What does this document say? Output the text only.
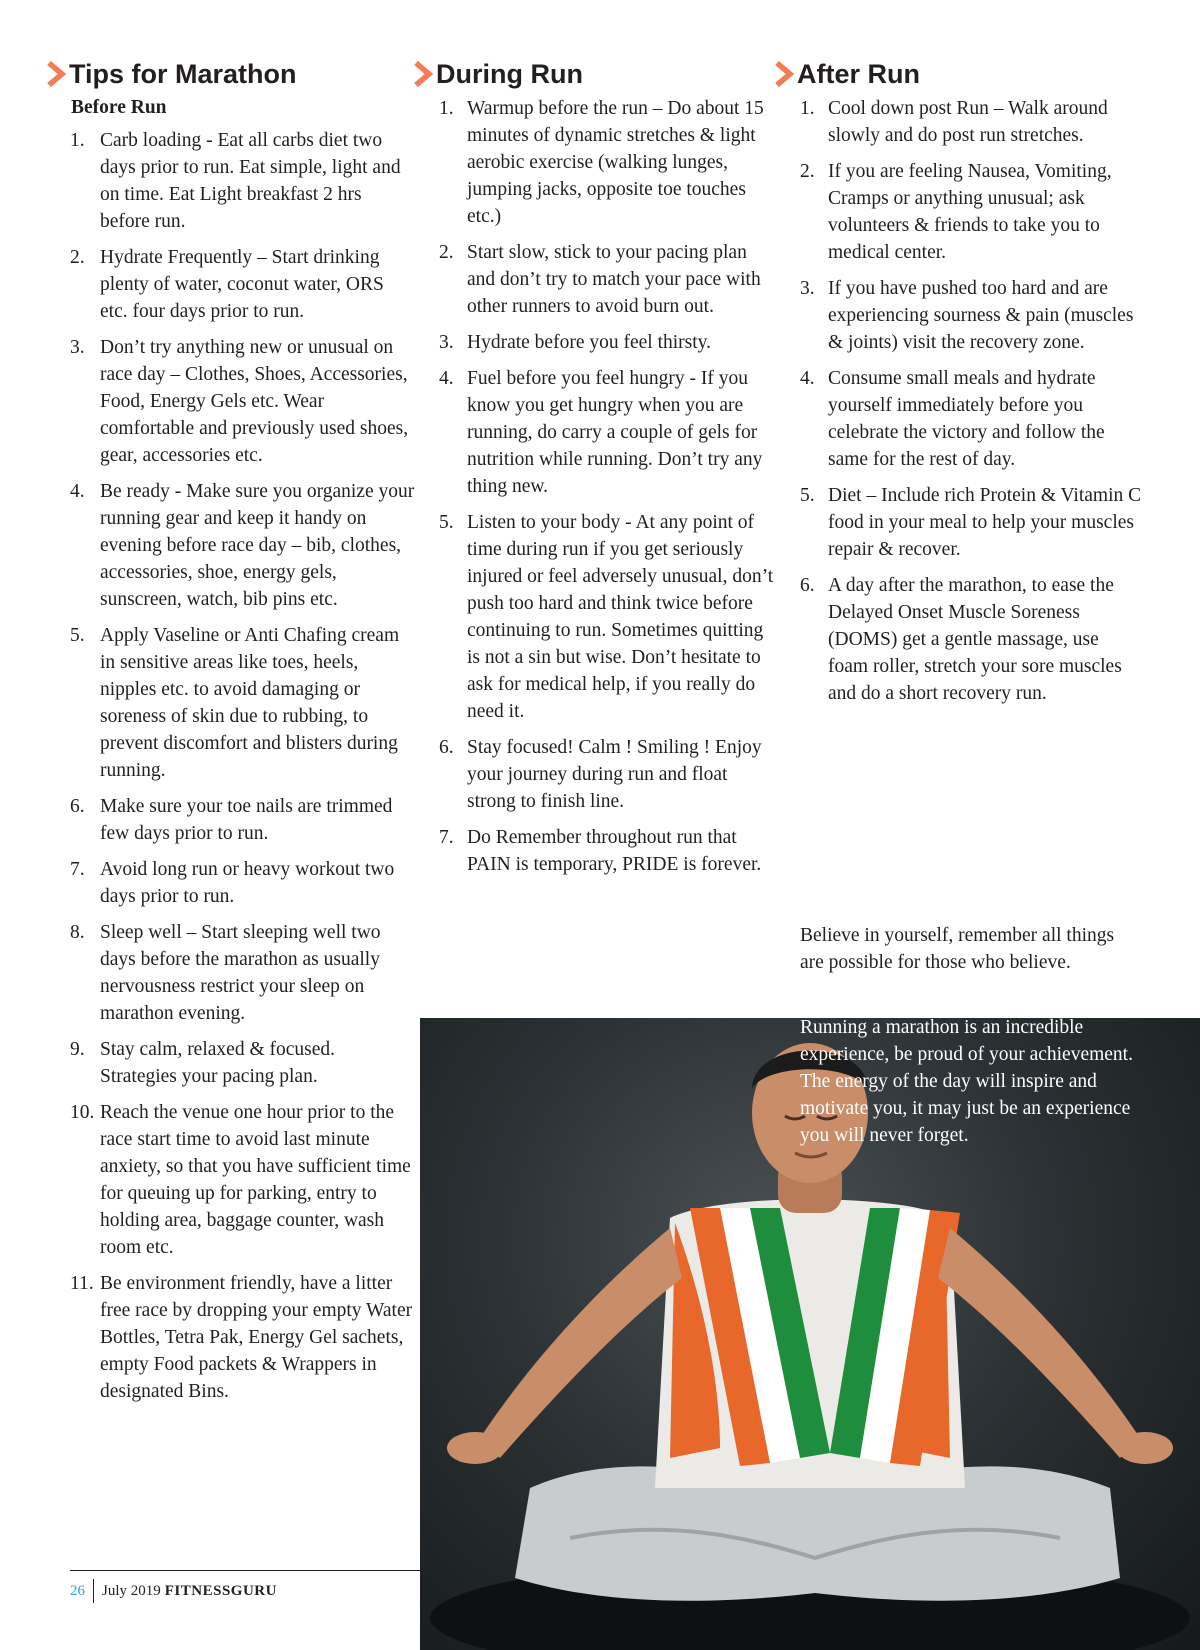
Tips for Marathon
Before Run
1. Carb loading - Eat all carbs diet two days prior to run. Eat simple, light and on time. Eat Light breakfast 2 hrs before run.
2. Hydrate Frequently – Start drinking plenty of water, coconut water, ORS etc. four days prior to run.
3. Don’t try anything new or unusual on race day – Clothes, Shoes, Accessories, Food, Energy Gels etc. Wear comfortable and previously used shoes, gear, accessories etc.
4. Be ready - Make sure you organize your running gear and keep it handy on evening before race day – bib, clothes, accessories, shoe, energy gels, sunscreen, watch, bib pins etc.
5. Apply Vaseline or Anti Chafing cream in sensitive areas like toes, heels, nipples etc. to avoid damaging or soreness of skin due to rubbing, to prevent discomfort and blisters during running.
6. Make sure your toe nails are trimmed few days prior to run.
7. Avoid long run or heavy workout two days prior to run.
8. Sleep well – Start sleeping well two days before the marathon as usually nervousness restrict your sleep on marathon evening.
9. Stay calm, relaxed & focused. Strategies your pacing plan.
10. Reach the venue one hour prior to the race start time to avoid last minute anxiety, so that you have sufficient time for queuing up for parking, entry to holding area, baggage counter, wash room etc.
11. Be environment friendly, have a litter free race by dropping your empty Water Bottles, Tetra Pak, Energy Gel sachets, empty Food packets & Wrappers in designated Bins.
During Run
1. Warmup before the run – Do about 15 minutes of dynamic stretches & light aerobic exercise (walking lunges, jumping jacks, opposite toe touches etc.)
2. Start slow, stick to your pacing plan and don’t try to match your pace with other runners to avoid burn out.
3. Hydrate before you feel thirsty.
4. Fuel before you feel hungry - If you know you get hungry when you are running, do carry a couple of gels for nutrition while running. Don’t try any thing new.
5. Listen to your body - At any point of time during run if you get seriously injured or feel adversely unusual, don’t push too hard and think twice before continuing to run. Sometimes quitting is not a sin but wise. Don’t hesitate to ask for medical help, if you really do need it.
6. Stay focused! Calm ! Smiling ! Enjoy your journey during run and float strong to finish line.
7. Do Remember throughout run that PAIN is temporary, PRIDE is forever.
After Run
1. Cool down post Run – Walk around slowly and do post run stretches.
2. If you are feeling Nausea, Vomiting, Cramps or anything unusual; ask volunteers & friends to take you to medical center.
3. If you have pushed too hard and are experiencing sourness & pain (muscles & joints) visit the recovery zone.
4. Consume small meals and hydrate yourself immediately before you celebrate the victory and follow the same for the rest of day.
5. Diet – Include rich Protein & Vitamin C food in your meal to help your muscles repair & recover.
6. A day after the marathon, to ease the Delayed Onset Muscle Soreness (DOMS) get a gentle massage, use foam roller, stretch your sore muscles and do a short recovery run.
Believe in yourself, remember all things are possible for those who believe.
Running a marathon is an incredible experience, be proud of your achievement. The energy of the day will inspire and motivate you, it may just be an experience you will never forget.
26 July 2019 FITNESSGURU
